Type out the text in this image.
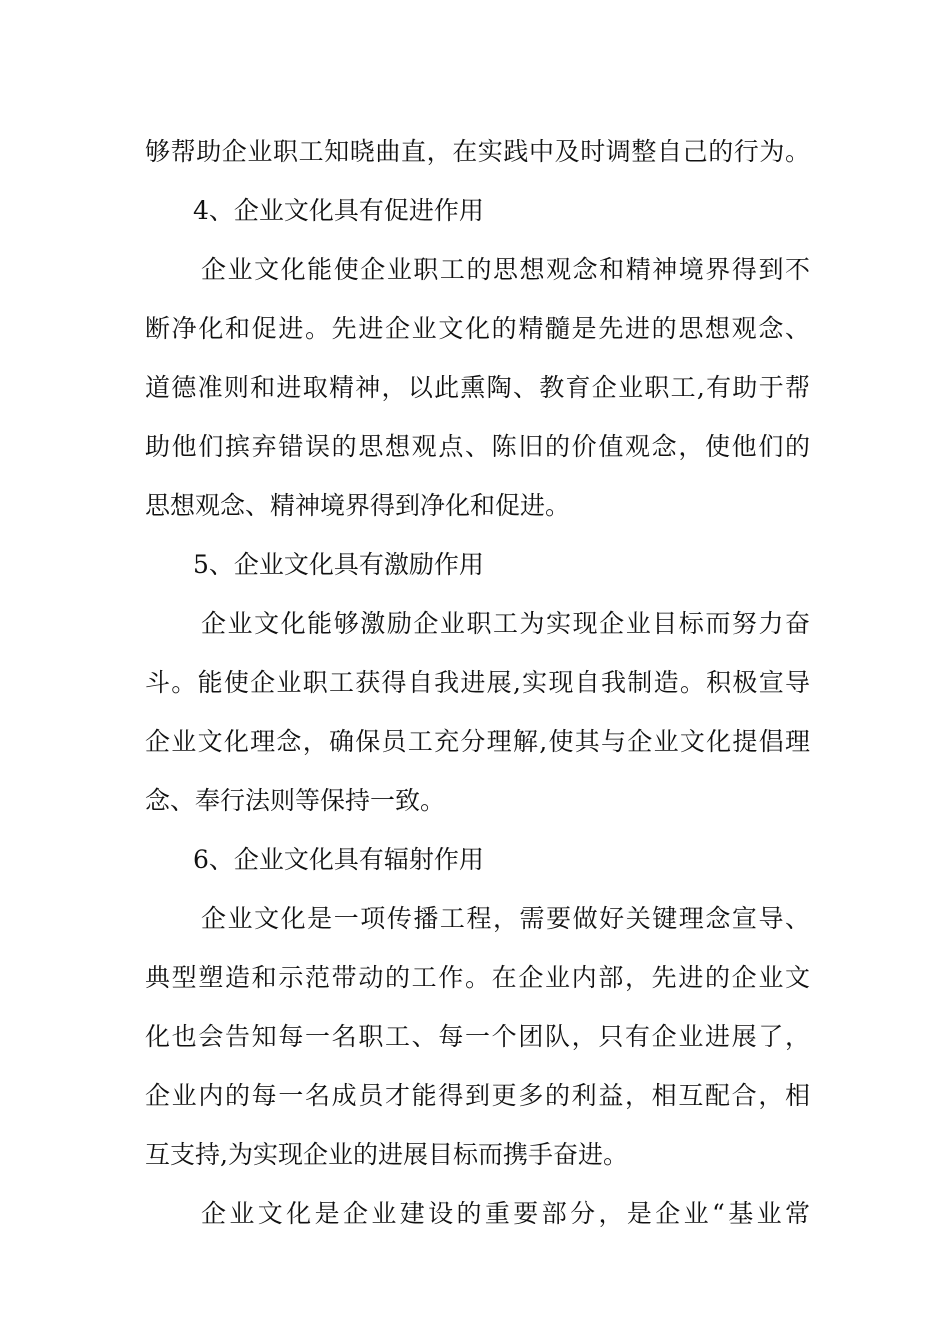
够帮助企业职工知晓曲直，在实践中及时调整自己的行为。
4、企业文化具有促进作用
企业文化能使企业职工的思想观念和精神境界得到不
断净化和促进。先进企业文化的精髓是先进的思想观念、
道德准则和进取精神，以此熏陶、教育企业职工,有助于帮
助他们摈弃错误的思想观点、陈旧的价值观念，使他们的
思想观念、精神境界得到净化和促进。
5、企业文化具有激励作用
企业文化能够激励企业职工为实现企业目标而努力奋
斗。能使企业职工获得自我进展,实现自我制造。积极宣导
企业文化理念，确保员工充分理解,使其与企业文化提倡理
念、奉行法则等保持一致。
6、企业文化具有辐射作用
企业文化是一项传播工程，需要做好关键理念宣导、
典型塑造和示范带动的工作。在企业内部，先进的企业文
化也会告知每一名职工、每一个团队，只有企业进展了，
企业内的每一名成员才能得到更多的利益，相互配合，相
互支持,为实现企业的进展目标而携手奋进。
企业文化是企业建设的重要部分，是企业“基业常
